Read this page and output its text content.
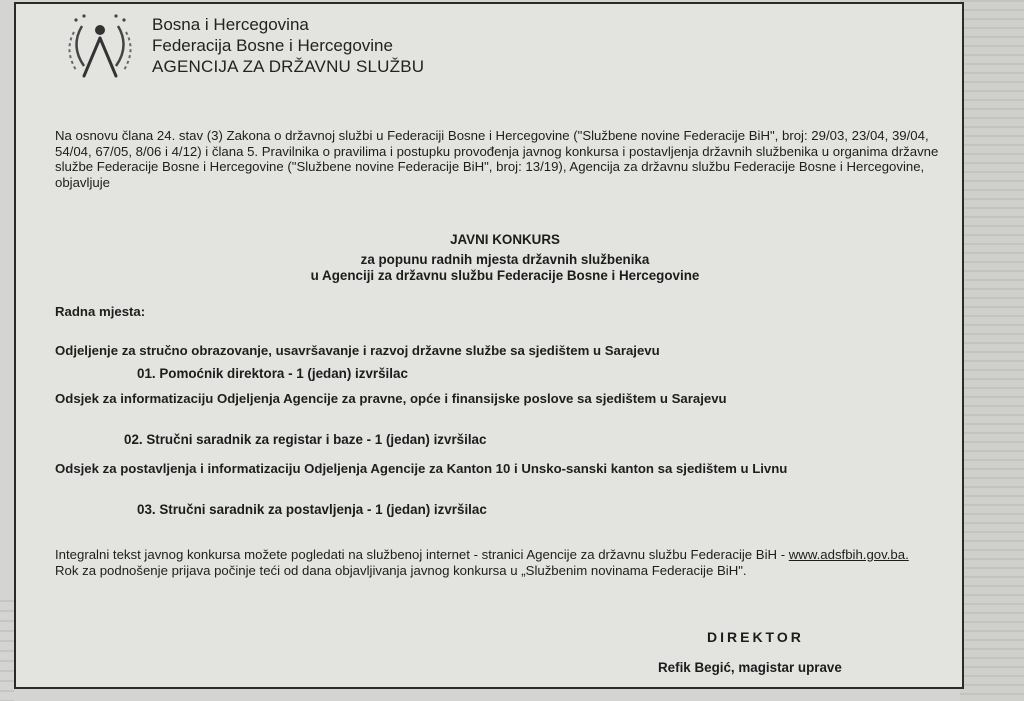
Bosna i Hercegovina
Federacija Bosne i Hercegovine
AGENCIJA ZA DRŽAVNU SLUŽBU
Na osnovu člana 24. stav (3) Zakona o državnoj službi u Federaciji Bosne i Hercegovine ("Službene novine Federacije BiH", broj: 29/03, 23/04, 39/04, 54/04, 67/05, 8/06 i 4/12) i člana 5. Pravilnika o pravilima i postupku provođenja javnog konkursa i postavljenja državnih službenika u organima državne službe Federacije Bosne i Hercegovine ("Službene novine Federacije BiH", broj: 13/19), Agencija za državnu službu Federacije Bosne i Hercegovine, objavljuje
JAVNI KONKURS
za popunu radnih mjesta državnih službenika
u Agenciji za državnu službu Federacije Bosne i Hercegovine
Radna mjesta:
Odjeljenje za stručno obrazovanje, usavršavanje i razvoj državne službe sa sjedištem u Sarajevu
01. Pomoćnik direktora - 1 (jedan) izvršilac
Odsjek za informatizaciju Odjeljenja Agencije za pravne, opće i finansijske poslove sa sjedištem u Sarajevu
02. Stručni saradnik za registar i baze - 1 (jedan) izvršilac
Odsjek za postavljenja i informatizaciju Odjeljenja Agencije za Kanton 10 i Unsko-sanski kanton sa sjedištem u Livnu
03. Stručni saradnik za postavljenja - 1 (jedan) izvršilac
Integralni tekst javnog konkursa možete pogledati na službenoj internet - stranici Agencije za državnu službu Federacije BiH - www.adsfbih.gov.ba.
Rok za podnošenje prijava počinje teći od dana objavljivanja javnog konkursa u „Službenim novinama Federacije BiH".
DIREKTOR
Refik Begić, magistar uprave
